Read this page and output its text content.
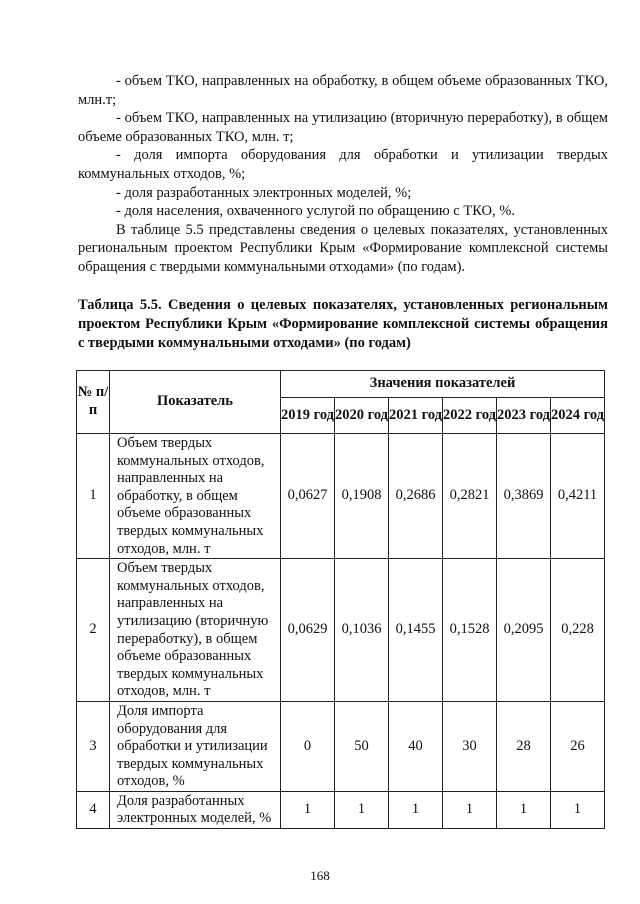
- объем ТКО, направленных на обработку, в общем объеме образованных ТКО, млн.т;

- объем ТКО, направленных на утилизацию (вторичную переработку), в общем объеме образованных ТКО, млн. т;

- доля импорта оборудования для обработки и утилизации твердых коммунальных отходов, %;

- доля разработанных электронных моделей, %;

- доля населения, охваченного услугой по обращению с ТКО, %.

В таблице 5.5 представлены сведения о целевых показателях, установленных региональным проектом Республики Крым «Формирование комплексной системы обращения с твердыми коммунальными отходами» (по годам).

Таблица 5.5. Сведения о целевых показателях, установленных региональным проектом Республики Крым «Формирование комплексной системы обращения с твердыми коммунальными отходами» (по годам)
№ п/п	Показатель	Значения показателей					
		2019 год	2020 год	2021 год	2022 год	2023 год	2024 год
1	Объем твердых коммунальных отходов, направленных на обработку, в общем объеме образованных твердых коммунальных отходов, млн. т	0,0627	0,1908	0,2686	0,2821	0,3869	0,4211
2	Объем твердых коммунальных отходов, направленных на утилизацию (вторичную переработку), в общем объеме образованных твердых коммунальных отходов, млн. т	0,0629	0,1036	0,1455	0,1528	0,2095	0,228
3	Доля импорта оборудования для обработки и утилизации твердых коммунальных отходов, %	0	50	40	30	28	26
4	Доля разработанных электронных моделей, %	1	1	1	1	1	1
168
